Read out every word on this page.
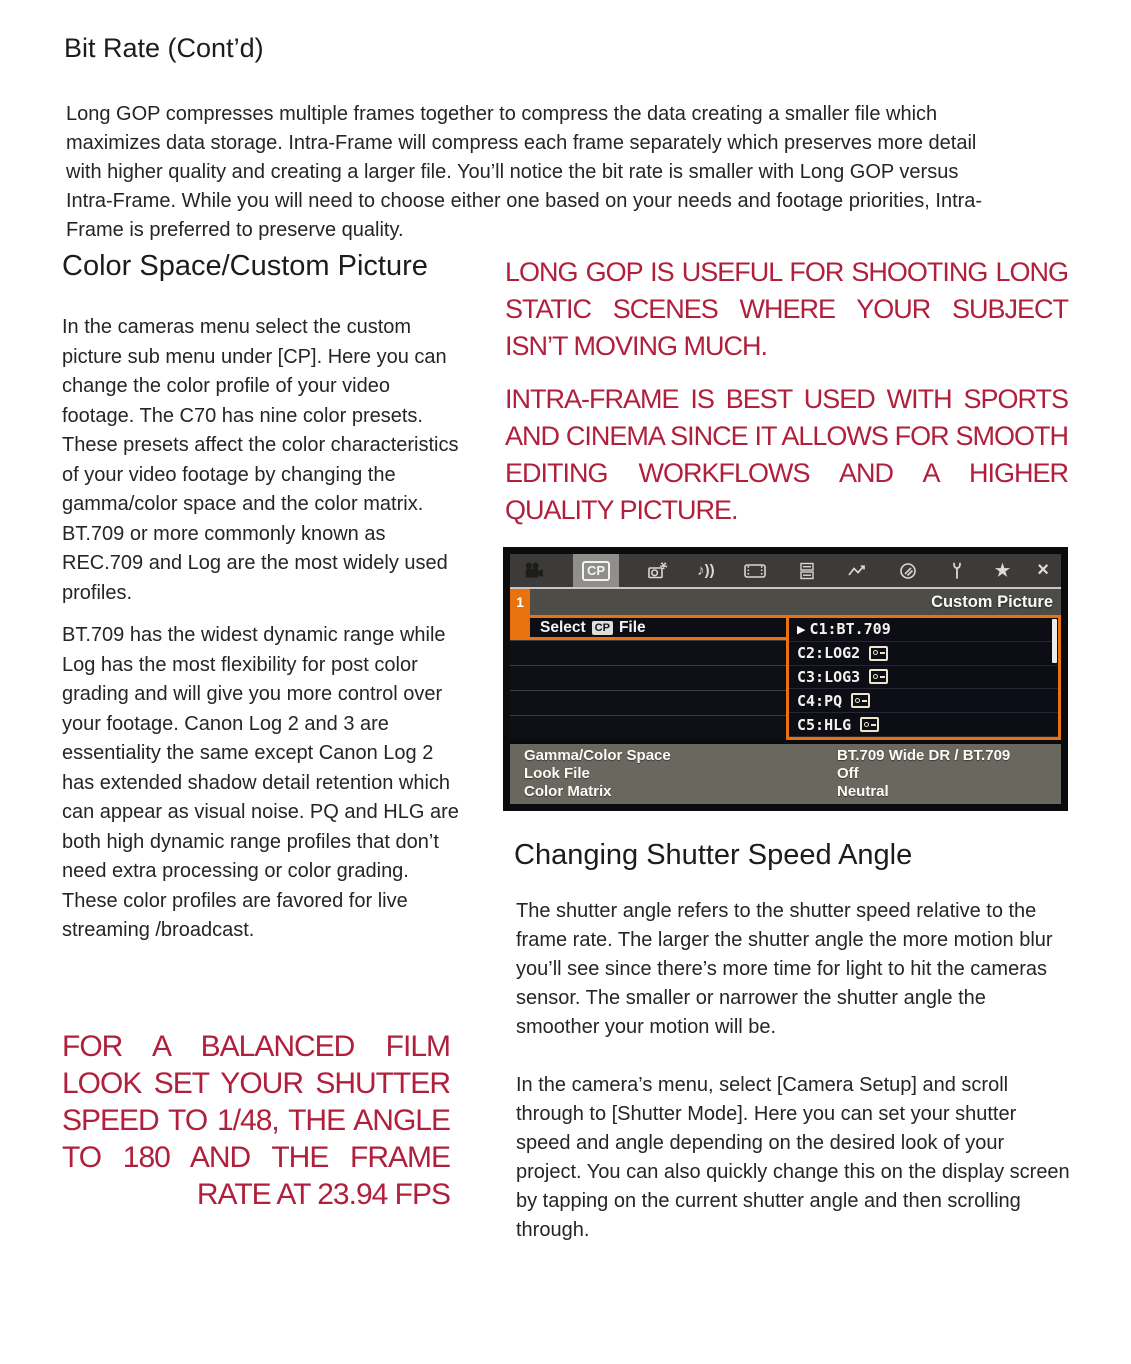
Bit Rate (Cont’d)

Long GOP compresses multiple frames together to compress the data creating a smaller file which maximizes data storage. Intra-Frame will compress each frame separately which preserves more detail with higher quality and creating a larger file. You’ll notice the bit rate is smaller with Long GOP versus Intra-Frame. While you will need to choose either one based on your needs and footage priorities, Intra-Frame is preferred to preserve quality.

Color Space/Custom Picture

In the cameras menu select the custom picture sub menu under [CP]. Here you can change the color profile of your video footage. The C70 has nine color presets. These presets affect the color characteristics of your video footage by changing the gamma/color space and the color matrix. BT.709 or more commonly known as REC.709 and Log are the most widely used profiles.

BT.709 has the widest dynamic range while Log has the most flexibility for post color grading and will give you more control over your footage. Canon Log 2 and 3 are essentiality the same except Canon Log 2 has extended shadow detail retention which can appear as visual noise. PQ and HLG are both high dynamic range profiles that don’t need extra processing or color grading. These color profiles are favored for live streaming /broadcast.

FOR A BALANCED FILM LOOK SET YOUR SHUTTER SPEED TO 1/48, THE ANGLE TO 180 AND THE FRAME RATE AT 23.94 FPS

LONG GOP IS USEFUL FOR SHOOTING LONG STATIC SCENES WHERE YOUR SUBJECT ISN’T MOVING MUCH.

INTRA-FRAME IS BEST USED WITH SPORTS AND CINEMA SINCE IT ALLOWS FOR SMOOTH EDITING WORKFLOWS AND A HIGHER QUALITY PICTURE.

CP	♪))	★ ×
1	Custom Picture
Select CP File	▶ C1:BT.709
C2:LOG2
C3:LOG3
C4:PQ
C5:HLG
Gamma/Color Space	BT.709 Wide DR / BT.709
Look File	Off
Color Matrix	Neutral
Changing Shutter Speed Angle

The shutter angle refers to the shutter speed relative to the frame rate. The larger the shutter angle the more motion blur you’ll see since there’s more time for light to hit the cameras sensor. The smaller or narrower the shutter angle the smoother your motion will be.

In the camera’s menu, select [Camera Setup] and scroll through to [Shutter Mode]. Here you can set your shutter speed and angle depending on the desired look of your project. You can also quickly change this on the display screen by tapping on the current shutter angle and then scrolling through.
